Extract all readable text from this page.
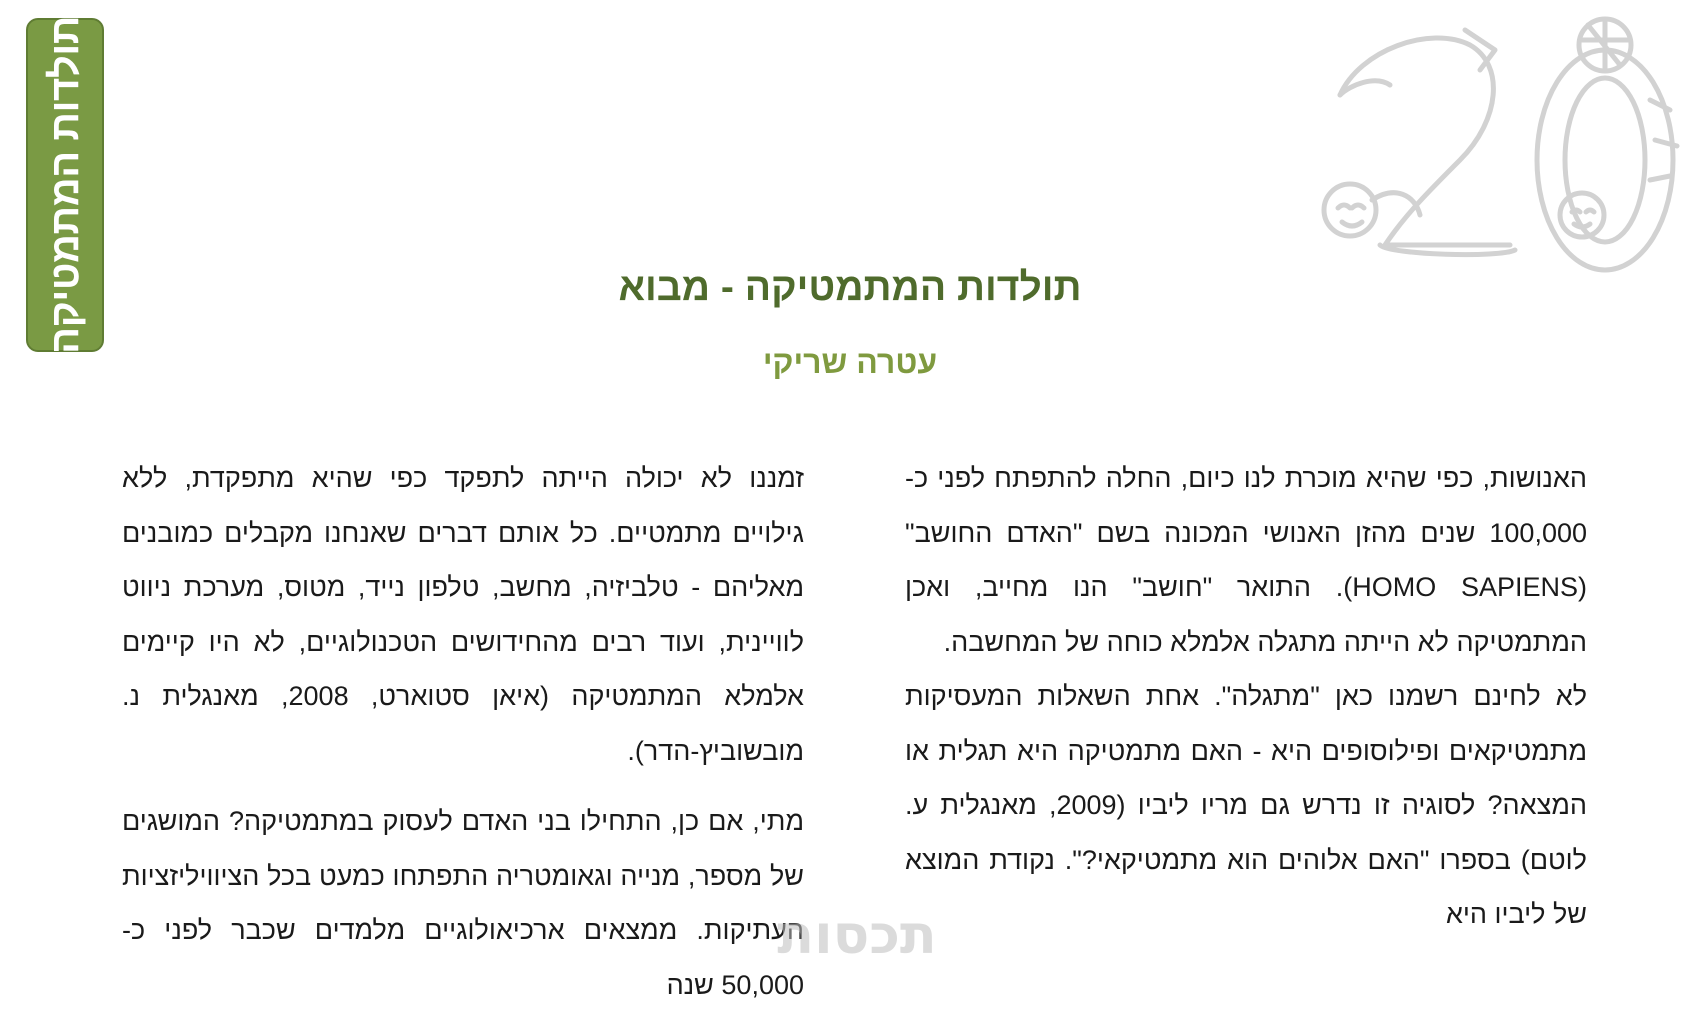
תולדות המתמטיקה	תולדות המתמטיקה - מבוא
עטרה שריקי

האנושות, כפי שהיא מוכרת לנו כיום, החלה להתפתח לפני כ- 100,000 שנים מהזן האנושי המכונה בשם "האדם החושב" (HOMO SAPIENS). התואר "חושב" הנו מחייב, ואכן המתמטיקה לא הייתה מתגלה אלמלא כוחה של המחשבה.

לא לחינם רשמנו כאן "מתגלה". אחת השאלות המעסיקות מתמטיקאים ופילוסופים היא - האם מתמטיקה היא תגלית או המצאה? לסוגיה זו נדרש גם מריו ליביו (2009, מאנגלית ע. לוטם) בספרו "האם אלוהים הוא מתמטיקאי?". נקודת המוצא של ליביו היא

זמננו לא יכולה הייתה לתפקד כפי שהיא מתפקדת, ללא גילויים מתמטיים. כל אותם דברים שאנחנו מקבלים כמובנים מאליהם - טלביזיה, מחשב, טלפון נייד, מטוס, מערכת ניווט לוויינית, ועוד רבים מהחידושים הטכנולוגיים, לא היו קיימים אלמלא המתמטיקה (איאן סטוארט, 2008, מאנגלית נ. מובשוביץ-הדר).

מתי, אם כן, התחילו בני האדם לעסוק במתמטיקה? המושגים של מספר, מנייה וגאומטריה התפתחו כמעט בכל הציוויליזציות העתיקות. ממצאים ארכיאולוגיים מלמדים שכבר לפני כ- 50,000 שנה

תכסות
